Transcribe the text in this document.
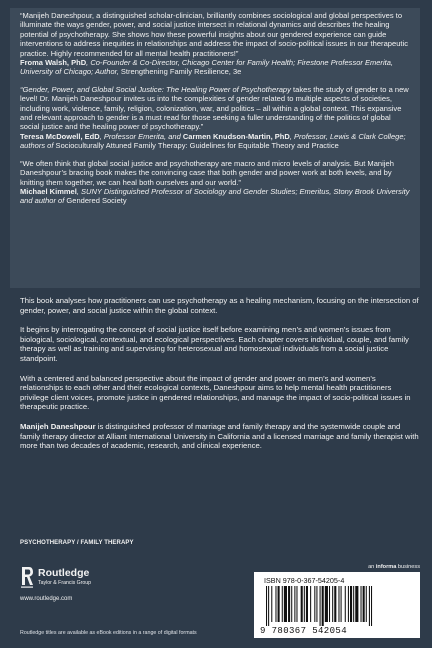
“Manijeh Daneshpour, a distinguished scholar-clinician, brilliantly combines sociological and global perspectives to illuminate the ways gender, power, and social justice intersect in relational dynamics and describes the healing potential of psychotherapy. She shows how these powerful insights about our gendered experience can guide interventions to address inequities in relationships and address the impact of socio-political issues in our therapeutic practice. Highly recommended for all mental health practitioners!”
Froma Walsh, PhD, Co-Founder & Co-Director, Chicago Center for Family Health; Firestone Professor Emerita, University of Chicago; Author, Strengthening Family Resilience, 3e

“Gender, Power, and Global Social Justice: The Healing Power of Psychotherapy takes the study of gender to a new level! Dr. Manijeh Daneshpour invites us into the complexities of gender related to multiple aspects of societies, including work, violence, family, religion, colonization, war, and politics – all within a global context. This expansive and relevant approach to gender is a must read for those seeking a fuller understanding of the politics of global social justice and the healing power of psychotherapy.”
Teresa McDowell, EdD, Professor Emerita, and Carmen Knudson-Martin, PhD, Professor, Lewis & Clark College; authors of Socioculturally Attuned Family Therapy: Guidelines for Equitable Theory and Practice

“We often think that global social justice and psychotherapy are macro and micro levels of analysis. But Manijeh Daneshpour’s bracing book makes the convincing case that both gender and power work at both levels, and by knitting them together, we can heal both ourselves and our world.”
Michael Kimmel, SUNY Distinguished Professor of Sociology and Gender Studies; Emeritus, Stony Brook University and author of Gendered Society

This book analyses how practitioners can use psychotherapy as a healing mechanism, focusing on the intersection of gender, power, and social justice within the global context.

It begins by interrogating the concept of social justice itself before examining men’s and women’s issues from biological, sociological, contextual, and ecological perspectives. Each chapter covers individual, couple, and family therapy as well as training and supervising for heterosexual and homosexual individuals from a social justice standpoint.

With a centered and balanced perspective about the impact of gender and power on men’s and women’s relationships to each other and their ecological contexts, Daneshpour aims to help mental health practitioners privilege client voices, promote justice in gendered relationships, and manage the impact of socio-political issues in therapeutic practice.

Manijeh Daneshpour is distinguished professor of marriage and family therapy and the systemwide couple and family therapy director at Alliant International University in California and a licensed marriage and family therapist with more than two decades of academic, research, and clinical experience.

PSYCHOTHERAPY / FAMILY THERAPY
Routledge
Taylor & Francis Group
www.routledge.com
an informa business
ISBN 978-0-367-54205-4
9 780367 542054
Routledge titles are available as eBook editions in a range of digital formats
